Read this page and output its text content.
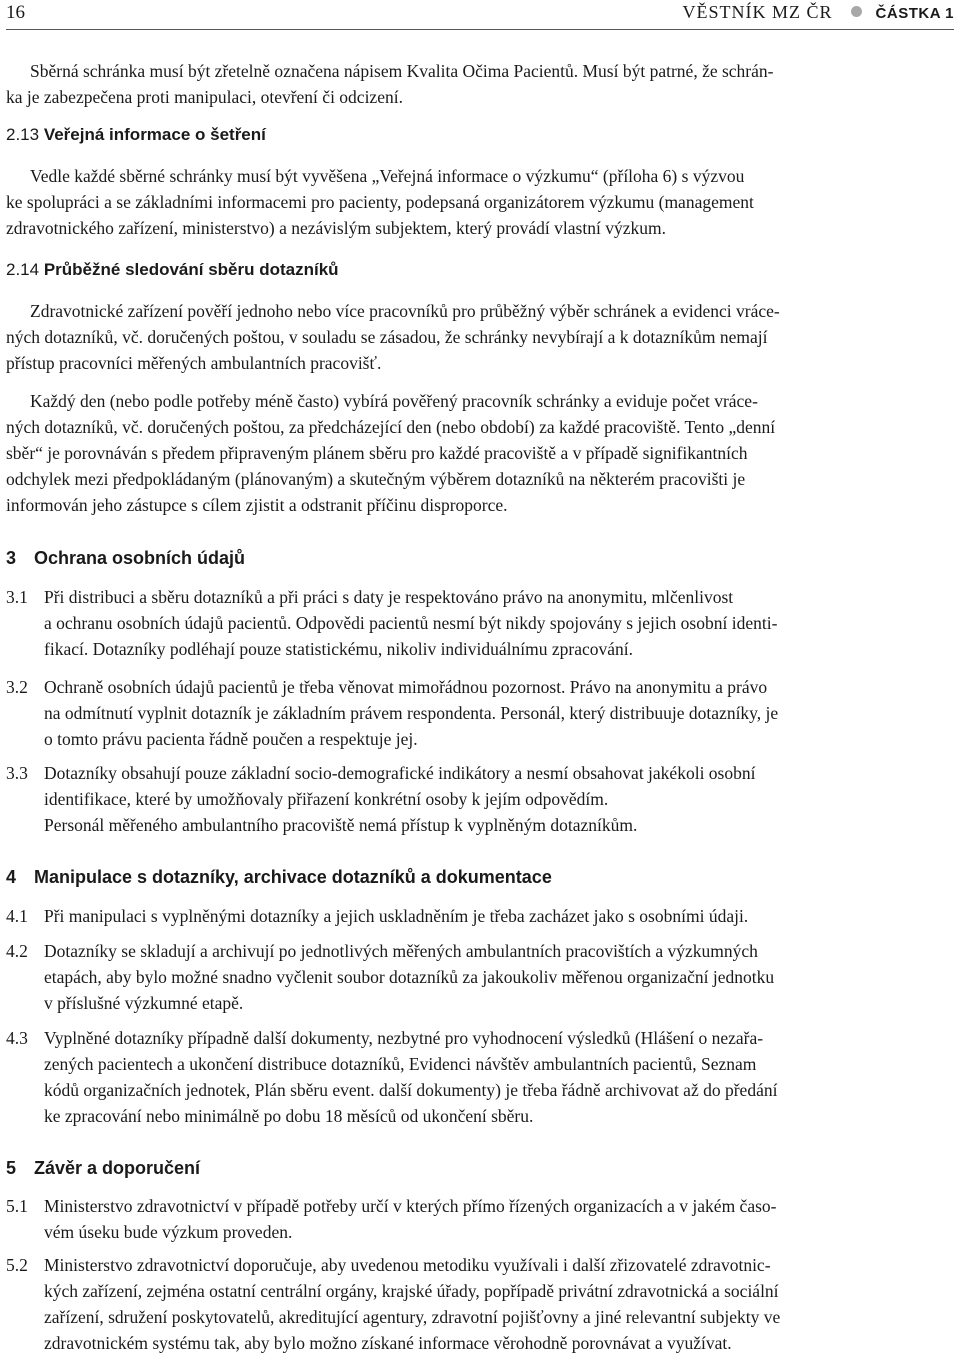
16	VĚSTNÍK MZ ČR	ČÁSTKA 1
Sběrná schránka musí být zřetelně označena nápisem Kvalita Očima Pacientů. Musí být patrné, že schrán-
ka je zabezpečena proti manipulaci, otevření či odcizení.
2.13 Veřejná informace o šetření
Vedle každé sběrné schránky musí být vyvěšena „Veřejná informace o výzkumu“ (příloha 6) s výzvou
ke spolupráci a se základními informacemi pro pacienty, podepsaná organizátorem výzkumu (management
zdravotnického zařízení, ministerstvo) a nezávislým subjektem, který provádí vlastní výzkum.
2.14 Průběžné sledování sběru dotazníků
Zdravotnické zařízení pověří jednoho nebo více pracovníků pro průběžný výběr schránek a evidenci vráce-
ných dotazníků, vč. doručených poštou, v souladu se zásadou, že schránky nevybírají a k dotazníkům nemají
přístup pracovníci měřených ambulantních pracovišť.
Každý den (nebo podle potřeby méně často) vybírá pověřený pracovník schránky a eviduje počet vráce-
ných dotazníků, vč. doručených poštou, za předcházející den (nebo období) za každé pracoviště. Tento „denní
sběr“ je porovnáván s předem připraveným plánem sběru pro každé pracoviště a v případě signifikantních
odchylek mezi předpokládaným (plánovaným) a skutečným výběrem dotazníků na některém pracovišti je
informován jeho zástupce s cílem zjistit a odstranit příčinu disproporce.
3 Ochrana osobních údajů
3.1 Při distribuci a sběru dotazníků a při práci s daty je respektováno právo na anonymitu, mlčenlivost
a ochranu osobních údajů pacientů. Odpovědi pacientů nesmí být nikdy spojovány s jejich osobní identi-
fikací. Dotazníky podléhají pouze statistickému, nikoliv individuálnímu zpracování.
3.2 Ochraně osobních údajů pacientů je třeba věnovat mimořádnou pozornost. Právo na anonymitu a právo
na odmítnutí vyplnit dotazník je základním právem respondenta. Personál, který distribuuje dotazníky, je
o tomto právu pacienta řádně poučen a respektuje jej.
3.3 Dotazníky obsahují pouze základní socio-demografické indikátory a nesmí obsahovat jakékoli osobní
identifikace, které by umožňovaly přiřazení konkrétní osoby k jejím odpovědím.
Personál měřeného ambulantního pracoviště nemá přístup k vyplněným dotazníkům.
4 Manipulace s dotazníky, archivace dotazníků a dokumentace
4.1 Při manipulaci s vyplněnými dotazníky a jejich uskladněním je třeba zacházet jako s osobními údaji.
4.2 Dotazníky se skladují a archivují po jednotlivých měřených ambulantních pracovištích a výzkumných
etapách, aby bylo možné snadno vyčlenit soubor dotazníků za jakoukoliv měřenou organizační jednotku
v příslušné výzkumné etapě.
4.3 Vyplněné dotazníky případně další dokumenty, nezbytné pro vyhodnocení výsledků (Hlášení o nezařa-
zených pacientech a ukončení distribuce dotazníků, Evidenci návštěv ambulantních pacientů, Seznam
kódů organizačních jednotek, Plán sběru event. další dokumenty) je třeba řádně archivovat až do předání
ke zpracování nebo minimálně po dobu 18 měsíců od ukončení sběru.
5 Závěr a doporučení
5.1 Ministerstvo zdravotnictví v případě potřeby určí v kterých přímo řízených organizacích a v jakém časo-
vém úseku bude výzkum proveden.
5.2 Ministerstvo zdravotnictví doporučuje, aby uvedenou metodiku využívali i další zřizovatelé zdravotnic-
kých zařízení, zejména ostatní centrální orgány, krajské úřady, popřípadě privátní zdravotnická a sociální
zařízení, sdružení poskytovatelů, akreditující agentury, zdravotní pojišťovny a jiné relevantní subjekty ve
zdravotnickém systému tak, aby bylo možno získané informace věrohodně porovnávat a využívat.
